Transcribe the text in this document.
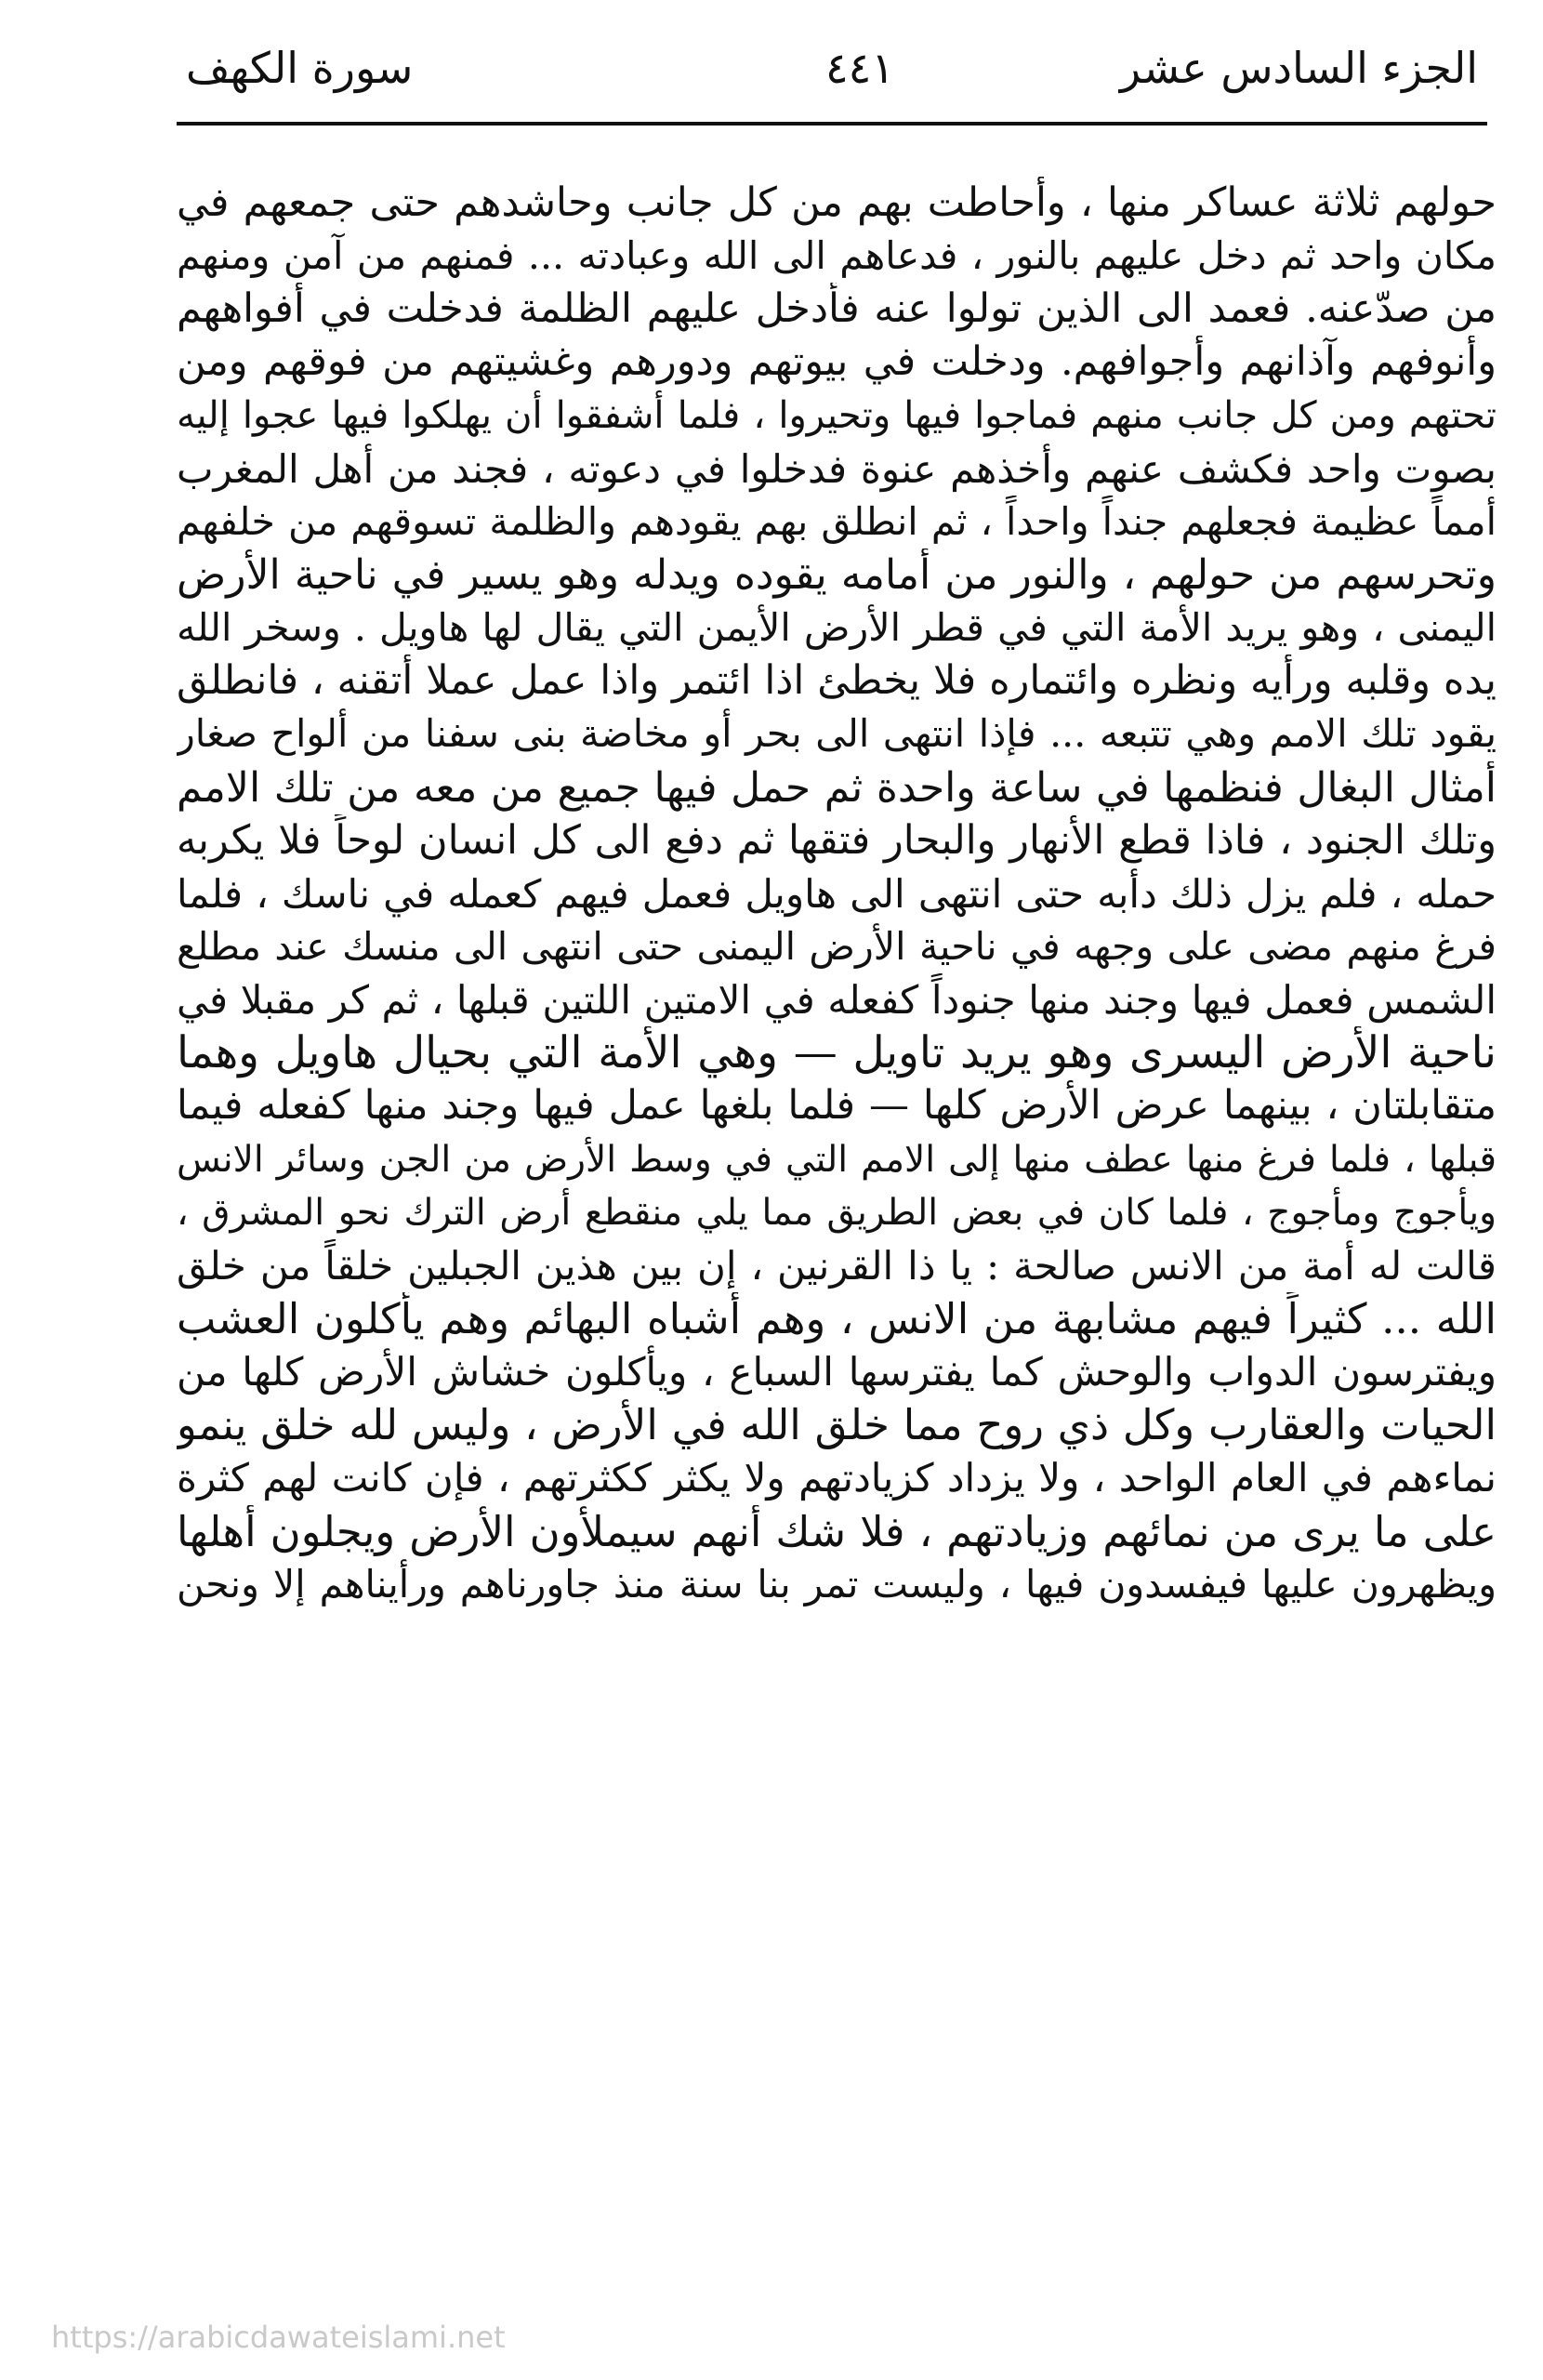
الجزء السادس عشر
٤٤١
سورة الكهف
حولهم ثلاثة عساكر منها ، وأحاطت بهم من كل جانب وحاشدهم حتى جمعهم في
مكان واحد ثم دخل عليهم بالنور ، فدعاهم الى الله وعبادته ... فمنهم من آمن ومنهم
من صدّعنه. فعمد الى الذين تولوا عنه فأدخل عليهم الظلمة فدخلت في أفواههم
وأنوفهم وآذانهم وأجوافهم. ودخلت في بيوتهم ودورهم وغشيتهم من فوقهم ومن
تحتهم ومن كل جانب منهم فماجوا فيها وتحيروا ، فلما أشفقوا أن يهلكوا فيها عجوا إليه
بصوت واحد فكشف عنهم وأخذهم عنوة فدخلوا في دعوته ، فجند من أهل المغرب
أمماً عظيمة فجعلهم جنداً واحداً ، ثم انطلق بهم يقودهم والظلمة تسوقهم من خلفهم
وتحرسهم من حولهم ، والنور من أمامه يقوده ويدله وهو يسير في ناحية الأرض
اليمنى ، وهو يريد الأمة التي في قطر الأرض الأيمن التي يقال لها هاويل . وسخر الله
يده وقلبه ورأيه ونظره وائتماره فلا يخطئ اذا ائتمر واذا عمل عملا أتقنه ، فانطلق
يقود تلك الامم وهي تتبعه ... فإذا انتهى الى بحر أو مخاضة بنى سفنا من ألواح صغار
أمثال البغال فنظمها في ساعة واحدة ثم حمل فيها جميع من معه من تلك الامم
وتلك الجنود ، فاذا قطع الأنهار والبحار فتقها ثم دفع الى كل انسان لوحاً فلا يكربه
حمله ، فلم يزل ذلك دأبه حتى انتهى الى هاويل فعمل فيهم كعمله في ناسك ، فلما
فرغ منهم مضى على وجهه في ناحية الأرض اليمنى حتى انتهى الى منسك عند مطلع
الشمس فعمل فيها وجند منها جنوداً كفعله في الامتين اللتين قبلها ، ثم كر مقبلا في
ناحية الأرض اليسرى وهو يريد تاويل — وهي الأمة التي بحيال هاويل وهما
متقابلتان ، بينهما عرض الأرض كلها — فلما بلغها عمل فيها وجند منها كفعله فيما
قبلها ، فلما فرغ منها عطف منها إلى الامم التي في وسط الأرض من الجن وسائر الانس
ويأجوج ومأجوج ، فلما كان في بعض الطريق مما يلي منقطع أرض الترك نحو المشرق ،
قالت له أمة من الانس صالحة : يا ذا القرنين ، إن بين هذين الجبلين خلقاً من خلق
الله ... كثيراً فيهم مشابهة من الانس ، وهم أشباه البهائم وهم يأكلون العشب
ويفترسون الدواب والوحش كما يفترسها السباع ، ويأكلون خشاش الأرض كلها من
الحيات والعقارب وكل ذي روح مما خلق الله في الأرض ، وليس لله خلق ينمو
نماءهم في العام الواحد ، ولا يزداد كزيادتهم ولا يكثر ككثرتهم ، فإن كانت لهم كثرة
على ما يرى من نمائهم وزيادتهم ، فلا شك أنهم سيملأون الأرض ويجلون أهلها
ويظهرون عليها فيفسدون فيها ، وليست تمر بنا سنة منذ جاورناهم ورأيناهم إلا ونحن
https://arabicdawateislami.net
